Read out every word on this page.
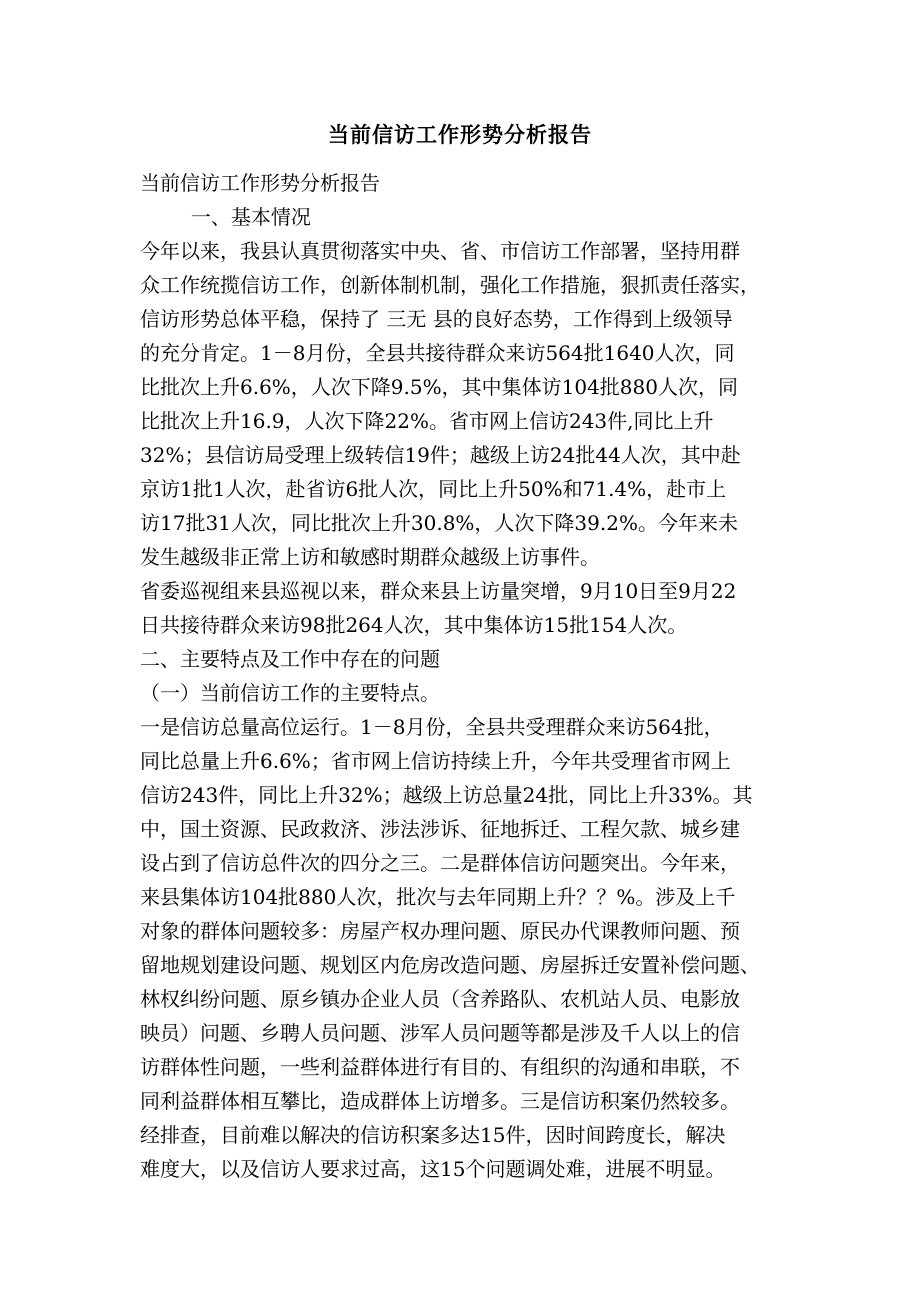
当前信访工作形势分析报告
当前信访工作形势分析报告
一、基本情况
今年以来，我县认真贯彻落实中央、省、市信访工作部署，坚持用群
众工作统揽信访工作，创新体制机制，强化工作措施，狠抓责任落实，
信访形势总体平稳，保持了 三无 县的良好态势，工作得到上级领导
的充分肯定。1－8月份，全县共接待群众来访564批1640人次，同
比批次上升6.6%，人次下降9.5%，其中集体访104批880人次，同
比批次上升16.9，人次下降22%。省市网上信访243件,同比上升
32%；县信访局受理上级转信19件；越级上访24批44人次，其中赴
京访1批1人次，赴省访6批人次，同比上升50%和71.4%，赴市上
访17批31人次，同比批次上升30.8%，人次下降39.2%。今年来未
发生越级非正常上访和敏感时期群众越级上访事件。
省委巡视组来县巡视以来，群众来县上访量突增，9月10日至9月22
日共接待群众来访98批264人次，其中集体访15批154人次。
二、主要特点及工作中存在的问题
（一）当前信访工作的主要特点。
一是信访总量高位运行。1－8月份，全县共受理群众来访564批，
同比总量上升6.6%；省市网上信访持续上升，今年共受理省市网上
信访243件，同比上升32%；越级上访总量24批，同比上升33%。其
中，国土资源、民政救济、涉法涉诉、征地拆迁、工程欠款、城乡建
设占到了信访总件次的四分之三。二是群体信访问题突出。今年来，
来县集体访104批880人次，批次与去年同期上升？？%。涉及上千
对象的群体问题较多：房屋产权办理问题、原民办代课教师问题、预
留地规划建设问题、规划区内危房改造问题、房屋拆迁安置补偿问题、
林权纠纷问题、原乡镇办企业人员（含养路队、农机站人员、电影放
映员）问题、乡聘人员问题、涉军人员问题等都是涉及千人以上的信
访群体性问题，一些利益群体进行有目的、有组织的沟通和串联，不
同利益群体相互攀比，造成群体上访增多。三是信访积案仍然较多。
经排查，目前难以解决的信访积案多达15件，因时间跨度长，解决
难度大，以及信访人要求过高，这15个问题调处难，进展不明显。
